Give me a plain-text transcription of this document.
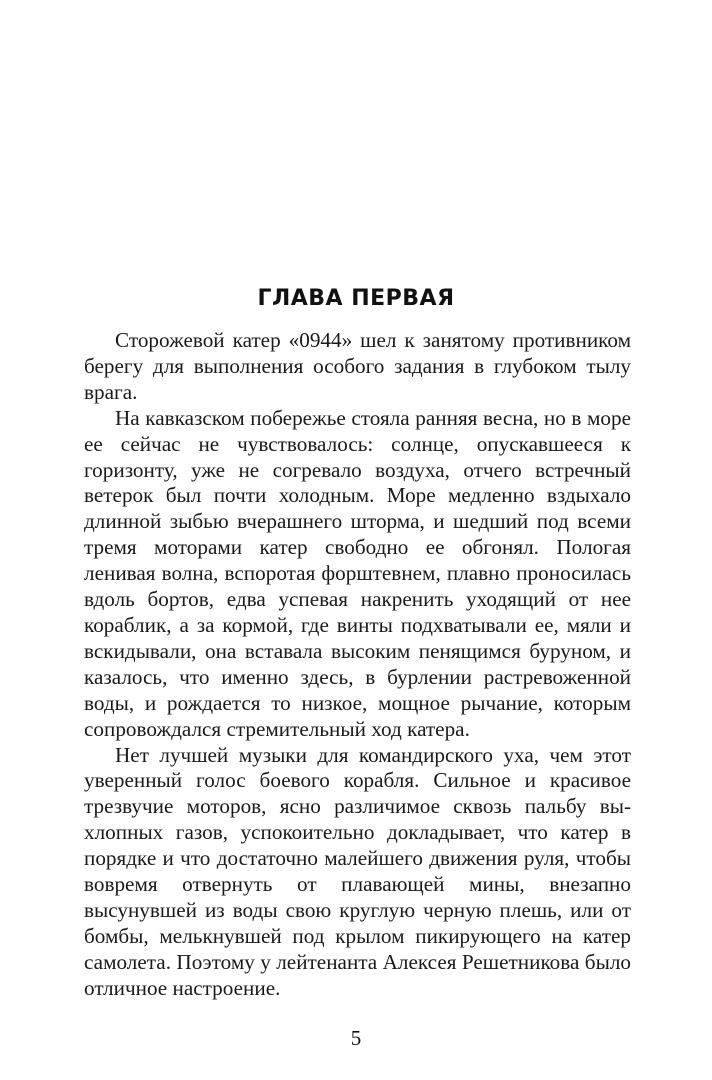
ГЛАВА ПЕРВАЯ

Сторожевой катер «0944» шел к занятому противником берегу для выполнения особого задания в глубоком тылу врага.

На кавказском побережье стояла ранняя весна, но в море ее сейчас не чувствовалось: солнце, опускавшееся к горизонту, уже не согревало воздуха, отчего встречный ветерок был почти холодным. Море медленно вздыхало длинной зыбью вчерашнего шторма, и шедший под всеми тремя моторами катер свободно ее обгонял. Пологая ленивая волна, вспоротая форштевнем, плавно проносилась вдоль бортов, едва успевая накренить уходящий от нее кораблик, а за кормой, где винты подхватывали ее, мяли и вскидывали, она вставала высоким пенящимся буруном, и казалось, что именно здесь, в бурлении растревоженной воды, и рождается то низкое, мощное рычание, которым сопровождался стремительный ход катера.

Нет лучшей музыки для командирского уха, чем этот уверенный голос боевого корабля. Сильное и красивое трезвучие моторов, ясно различимое сквозь пальбу выхлопных газов, успокоительно докладывает, что катер в порядке и что достаточно малейшего движения руля, чтобы вовремя отвернуть от плавающей мины, внезапно высунувшей из воды свою круглую черную плешь, или от бомбы, мелькнувшей под крылом пикирующего на катер самолета. Поэтому у лейтенанта Алексея Решетникова было отличное настроение.

5
